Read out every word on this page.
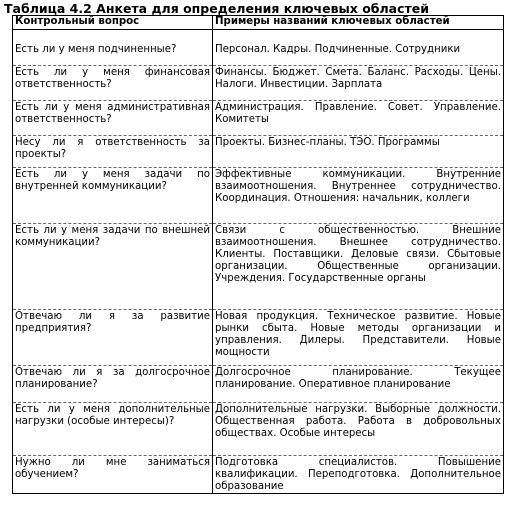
Таблица 4.2 Анкета для определения ключевых областей
Контрольный вопрос	Примеры названий ключевых областей
Есть ли у меня подчиненные?	Персонал. Кадры. Подчиненные. Сотрудники
Есть ли у меня финансовая ответственность?	Финансы. Бюджет. Смета. Баланс. Расходы. Цены. Налоги. Инвестиции. Зарплата
Есть ли у меня административная ответственность?	Администрация. Правление. Совет. Управление. Комитеты
Несу ли я ответственность за проекты?	Проекты. Бизнес-планы. ТЭО. Программы
Есть ли у меня задачи по внутренней коммуникации?	Эффективные коммуникации. Внутренние взаимоотношения. Внутреннее сотрудничество. Координация. Отношения: начальник, коллеги
Есть ли у меня задачи по внешней коммуникации?	Связи с общественностью. Внешние взаимоотношения. Внешнее сотрудничество. Клиенты. Поставщики. Деловые связи. Сбытовые организации. Общественные организации. Учреждения. Государственные органы
Отвечаю ли я за развитие предприятия?	Новая продукция. Техническое развитие. Новые рынки сбыта. Новые методы организации и управления. Дилеры. Представители. Новые мощности
Отвечаю ли я за долгосрочное планирование?	Долгосрочное планирование. Текущее планирование. Оперативное планирование
Есть ли у меня дополнительные нагрузки (особые интересы)?	Дополнительные нагрузки. Выборные должности. Общественная работа. Работа в добровольных обществах. Особые интересы
Нужно ли мне заниматься обучением?	Подготовка специалистов. Повышение квалификации. Переподготовка. Дополнительное образование
